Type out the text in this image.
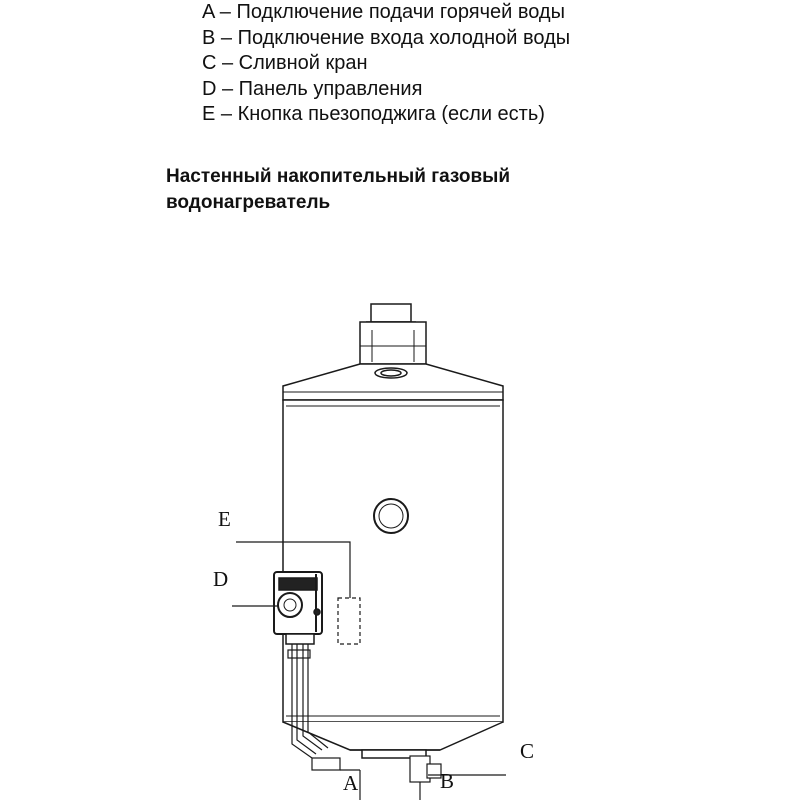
A – Подключение подачи горячей воды
B – Подключение входа холодной воды
C – Сливной кран
D – Панель управления
E – Кнопка пьезоподжига (если есть)
Настенный накопительный газовый
водонагреватель
E
D
C
A	B
